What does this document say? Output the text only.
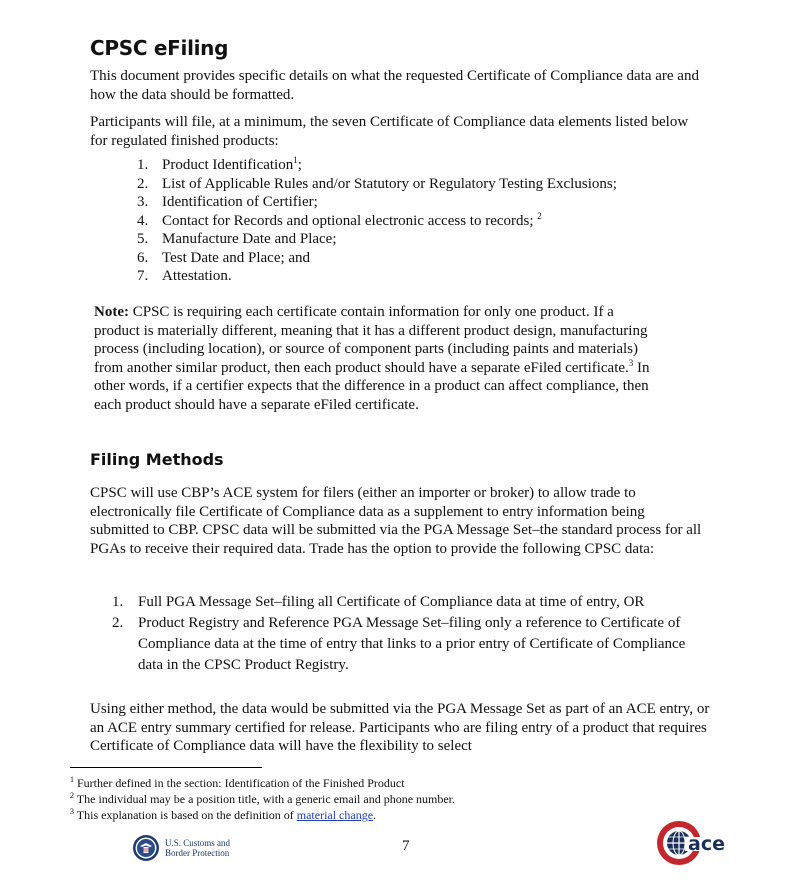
CPSC eFiling

This document provides specific details on what the requested Certificate of Compliance data are and how the data should be formatted.

Participants will file, at a minimum, the seven Certificate of Compliance data elements listed below for regulated finished products:

1. Product Identification$^1$;
2. List of Applicable Rules and/or Statutory or Regulatory Testing Exclusions;
3. Identification of Certifier;
4. Contact for Records and optional electronic access to records; $^2$
5. Manufacture Date and Place;
6. Test Date and Place; and
7. Attestation.

Note: CPSC is requiring each certificate contain information for only one product. If a product is materially different, meaning that it has a different product design, manufacturing process (including location), or source of component parts (including paints and materials) from another similar product, then each product should have a separate eFiled certificate.$^3$ In other words, if a certifier expects that the difference in a product can affect compliance, then each product should have a separate eFiled certificate.

Filing Methods

CPSC will use CBP’s ACE system for filers (either an importer or broker) to allow trade to electronically file Certificate of Compliance data as a supplement to entry information being submitted to CBP. CPSC data will be submitted via the PGA Message Set–the standard process for all PGAs to receive their required data. Trade has the option to provide the following CPSC data:

1. Full PGA Message Set–filing all Certificate of Compliance data at time of entry, OR
2. Product Registry and Reference PGA Message Set–filing only a reference to Certificate of Compliance data at the time of entry that links to a prior entry of Certificate of Compliance data in the CPSC Product Registry.

Using either method, the data would be submitted via the PGA Message Set as part of an ACE entry, or an ACE entry summary certified for release. Participants who are filing entry of a product that requires Certificate of Compliance data will have the flexibility to select

$^1$ Further defined in the section: Identification of the Finished Product
$^2$ The individual may be a position title, with a generic email and phone number.
$^3$ This explanation is based on the definition of material change.
U.S. Customs and
Border Protection	7	ace
